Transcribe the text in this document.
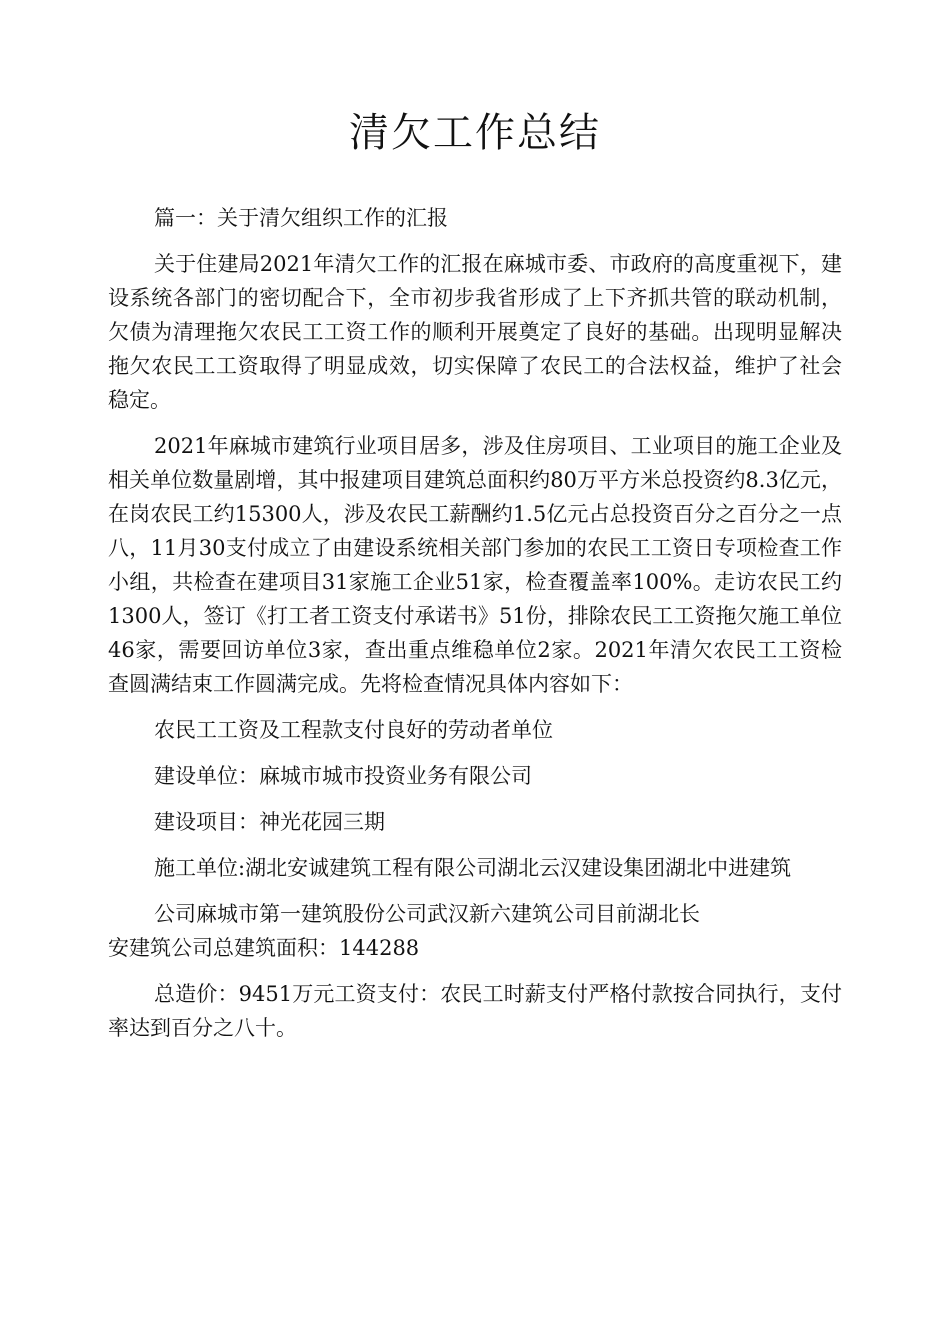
清欠工作总结

篇一：关于清欠组织工作的汇报

关于住建局2021年清欠工作的汇报在麻城市委、市政府的高度重视下，建设系统各部门的密切配合下，全市初步我省形成了上下齐抓共管的联动机制，欠债为清理拖欠农民工工资工作的顺利开展奠定了良好的基础。出现明显解决拖欠农民工工资取得了明显成效，切实保障了农民工的合法权益，维护了社会稳定。

2021年麻城市建筑行业项目居多，涉及住房项目、工业项目的施工企业及相关单位数量剧增，其中报建项目建筑总面积约80万平方米总投资约8.3亿元，在岗农民工约15300人，涉及农民工薪酬约1.5亿元占总投资百分之百分之一点八，11月30支付成立了由建设系统相关部门参加的农民工工资日专项检查工作小组，共检查在建项目31家施工企业51家，检查覆盖率100%。走访农民工约1300人，签订《打工者工资支付承诺书》51份，排除农民工工资拖欠施工单位46家，需要回访单位3家，查出重点维稳单位2家。2021年清欠农民工工资检查圆满结束工作圆满完成。先将检查情况具体内容如下：

农民工工资及工程款支付良好的劳动者单位

建设单位：麻城市城市投资业务有限公司

建设项目：神光花园三期

施工单位:湖北安诚建筑工程有限公司湖北云汉建设集团湖北中进建筑

公司麻城市第一建筑股份公司武汉新六建筑公司目前湖北长

安建筑公司总建筑面积：144288

总造价：9451万元工资支付：农民工时薪支付严格付款按合同执行，支付率达到百分之八十。
